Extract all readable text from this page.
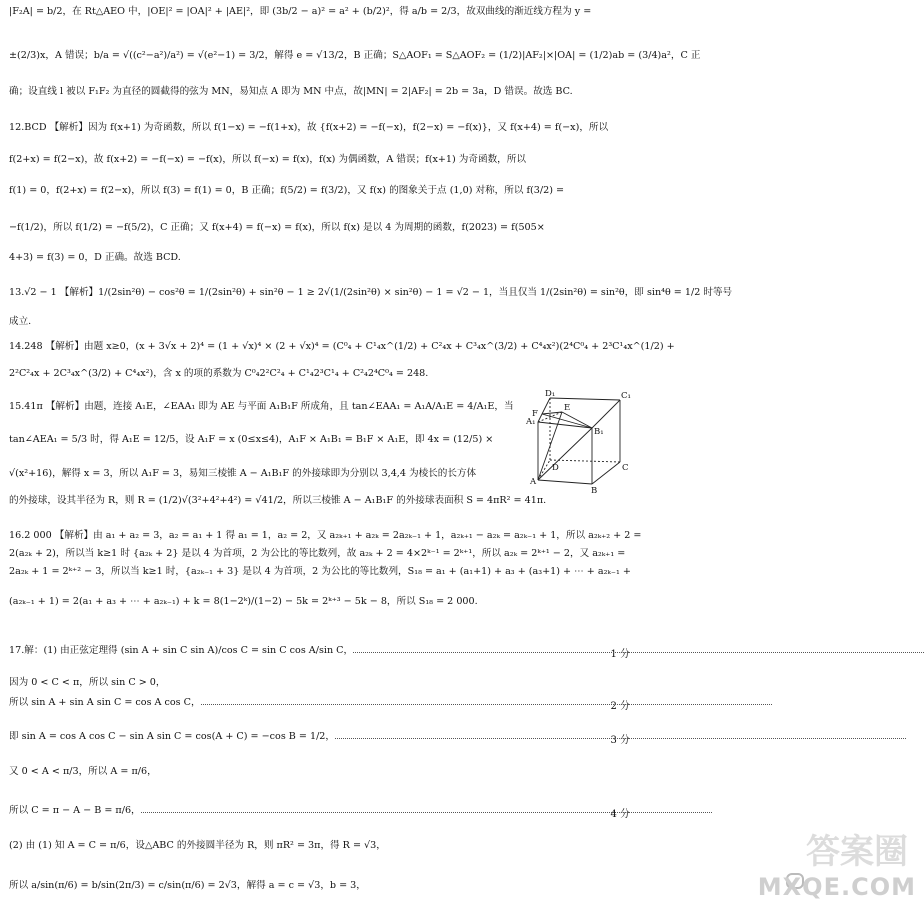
|F₂A| = b/2，在 Rt△AEO 中，|OE|² = |OA|² + |AE|²，即 (3b/2 − a)² = a² + (b/2)²，得 a/b = 2/3，故双曲线的渐近线方程为 y =
±(2/3)x，A 错误；b/a = √((c²−a²)/a²) = √(e²−1) = 3/2，解得 e = √13/2，B 正确；S△AOF₁ = S△AOF₂ = (1/2)|AF₂|×|OA| = (1/2)ab = (3/4)a²，C 正
确；设直线 l 被以 F₁F₂ 为直径的圆截得的弦为 MN，易知点 A 即为 MN 中点，故|MN| = 2|AF₂| = 2b = 3a，D 错误。故选 BC.
12.BCD 【解析】因为 f(x+1) 为奇函数，所以 f(1−x) = −f(1+x)，故 {f(x+2) = −f(−x)，f(2−x) = −f(x)}，又 f(x+4) = f(−x)，所以
f(2+x) = f(2−x)，故 f(x+2) = −f(−x) = −f(x)，所以 f(−x) = f(x)，f(x) 为偶函数，A 错误；f(x+1) 为奇函数，所以
f(1) = 0，f(2+x) = f(2−x)，所以 f(3) = f(1) = 0，B 正确；f(5/2) = f(3/2)，又 f(x) 的图象关于点 (1,0) 对称，所以 f(3/2) =
−f(1/2)，所以 f(1/2) = −f(5/2)，C 正确；又 f(x+4) = f(−x) = f(x)，所以 f(x) 是以 4 为周期的函数，f(2023) = f(505×
4+3) = f(3) = 0，D 正确。故选 BCD.
13.√2 − 1 【解析】1/(2sin²θ) − cos²θ = 1/(2sin²θ) + sin²θ − 1 ≥ 2√(1/(2sin²θ) × sin²θ) − 1 = √2 − 1，当且仅当 1/(2sin²θ) = sin²θ，即 sin⁴θ = 1/2 时等号
成立.
14.248 【解析】由题 x≥0，(x + 3√x + 2)⁴ = (1 + √x)⁴ × (2 + √x)⁴ = (C⁰₄ + C¹₄x^(1/2) + C²₄x + C³₄x^(3/2) + C⁴₄x²)(2⁴C⁰₄ + 2³C¹₄x^(1/2) +
2²C²₄x + 2C³₄x^(3/2) + C⁴₄x²)，含 x 的项的系数为 C⁰₄2²C²₄ + C¹₄2³C¹₄ + C²₄2⁴C⁰₄ = 248.
15.41π 【解析】由题，连接 A₁E，∠EAA₁ 即为 AE 与平面 A₁B₁F 所成角，且 tan∠EAA₁ = A₁A/A₁E = 4/A₁E，当
tan∠AEA₁ = 5/3 时，得 A₁E = 12/5，设 A₁F = x (0≤x≤4)，A₁F × A₁B₁ = B₁F × A₁E，即 4x = (12/5) ×
√(x²+16)，解得 x = 3，所以 A₁F = 3，易知三棱锥 A − A₁B₁F 的外接球即为分别以 3,4,4 为棱长的长方体
的外接球，设其半径为 R，则 R = (1/2)√(3²+4²+4²) = √41/2，所以三棱锥 A − A₁B₁F 的外接球表面积 S = 4πR² = 41π.
16.2 000 【解析】由 a₁ + a₂ = 3，a₂ = a₁ + 1 得 a₁ = 1，a₂ = 2，又 a₂ₖ₊₁ + a₂ₖ = 2a₂ₖ₋₁ + 1，a₂ₖ₊₁ − a₂ₖ = a₂ₖ₋₁ + 1，所以 a₂ₖ₊₂ + 2 =
2(a₂ₖ + 2)，所以当 k≥1 时 {a₂ₖ + 2} 是以 4 为首项，2 为公比的等比数列，故 a₂ₖ + 2 = 4×2ᵏ⁻¹ = 2ᵏ⁺¹，所以 a₂ₖ = 2ᵏ⁺¹ − 2，又 a₂ₖ₊₁ =
2a₂ₖ + 1 = 2ᵏ⁺² − 3，所以当 k≥1 时，{a₂ₖ₋₁ + 3} 是以 4 为首项，2 为公比的等比数列，S₁₈ = a₁ + (a₁+1) + a₃ + (a₃+1) + ⋯ + a₂ₖ₋₁ +
(a₂ₖ₋₁ + 1) = 2(a₁ + a₃ + ⋯ + a₂ₖ₋₁) + k = 8(1−2ᵏ)/(1−2) − 5k = 2ᵏ⁺³ − 5k − 8，所以 S₁₈ = 2 000.
1 分
17.解：(1) 由正弦定理得 (sin A + sin C sin A)/cos C = sin C cos A/sin C，
因为 0 < C < π，所以 sin C > 0，
2 分
所以 sin A + sin A sin C = cos A cos C，
3 分
即 sin A = cos A cos C − sin A sin C = cos(A + C) = −cos B = 1/2，
又 0 < A < π/3，所以 A = π/6，
4 分
所以 C = π − A − B = π/6，
(2) 由 (1) 知 A = C = π/6，设△ABC 的外接圆半径为 R，则 πR² = 3π，得 R = √3，
所以 a/sin(π/6) = b/sin(2π/3) = c/sin(π/6) = 2√3，解得 a = c = √3，b = 3，
D₁	C₁
F
E
A₁
B₁
D	C
A
B
答案圈
MXQE.COM
